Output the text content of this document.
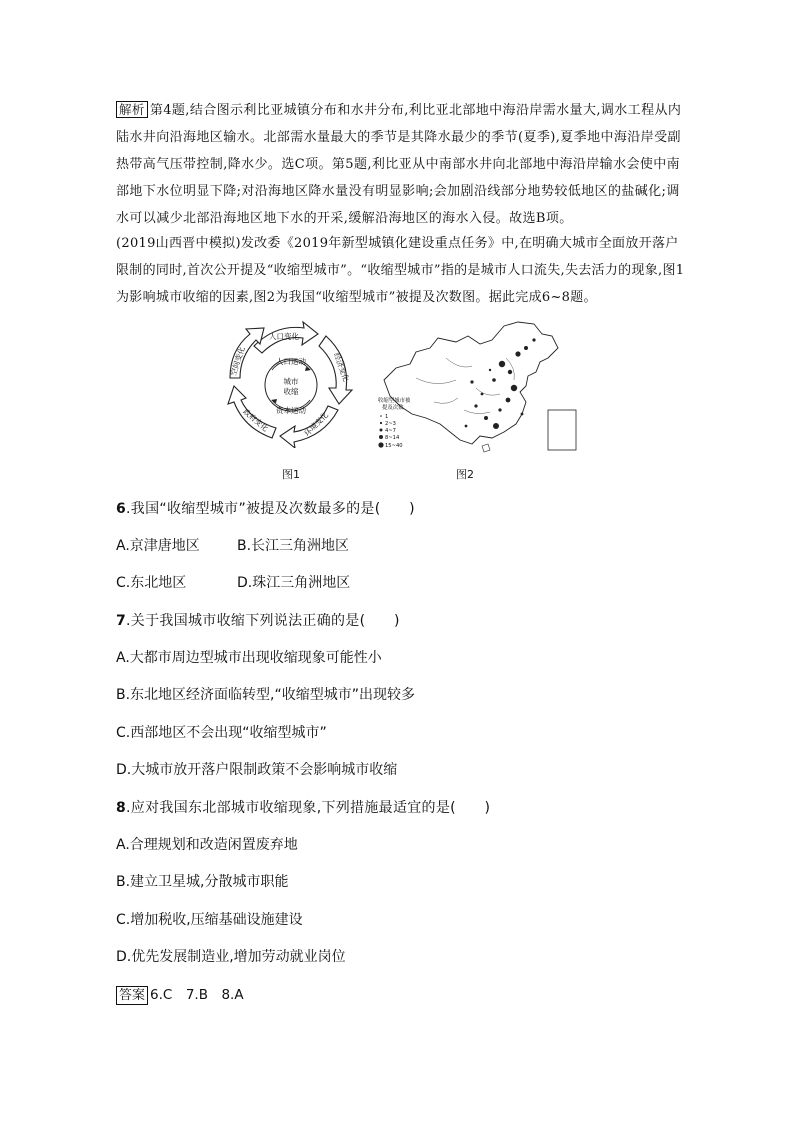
解析 第4题,结合图示利比亚城镇分布和水井分布,利比亚北部地中海沿岸需水量大,调水工程从内陆水井向沿海地区输水。北部需水量最大的季节是其降水最少的季节(夏季),夏季地中海沿岸受副热带高气压带控制,降水少。选C项。第5题,利比亚从中南部水井向北部地中海沿岸输水会使中南部地下水位明显下降;对沿海地区降水量没有明显影响;会加剧沿线部分地势较低地区的盐碱化;调水可以减少北部沿海地区地下水的开采,缓解沿海地区的海水入侵。故选B项。
(2019山西晋中模拟)发改委《2019年新型城镇化建设重点任务》中,在明确大城市全面放开落户限制的同时,首次公开提及“收缩型城市”。“收缩型城市”指的是城市人口流失,失去活力的现象,图1为影响城市收缩的因素,图2为我国“收缩型城市”被提及次数图。据此完成6~8题。
人口运动
资本运动
城市
收缩
人口变化
经济变化
环境变化
政府变化
空间变化
收缩型城市被
提及次数
1
2~3
4~7
8~14
15~40
图1	图2
6.我国“收缩型城市”被提及次数最多的是(　　)
A.京津唐地区	B.长江三角洲地区
C.东北地区	D.珠江三角洲地区
7.关于我国城市收缩下列说法正确的是(　　)
A.大都市周边型城市出现收缩现象可能性小
B.东北地区经济面临转型,“收缩型城市”出现较多
C.西部地区不会出现“收缩型城市”
D.大城市放开落户限制政策不会影响城市收缩
8.应对我国东北部城市收缩现象,下列措施最适宜的是(　　)
A.合理规划和改造闲置废弃地
B.建立卫星城,分散城市职能
C.增加税收,压缩基础设施建设
D.优先发展制造业,增加劳动就业岗位
答案 6.C　7.B　8.A
